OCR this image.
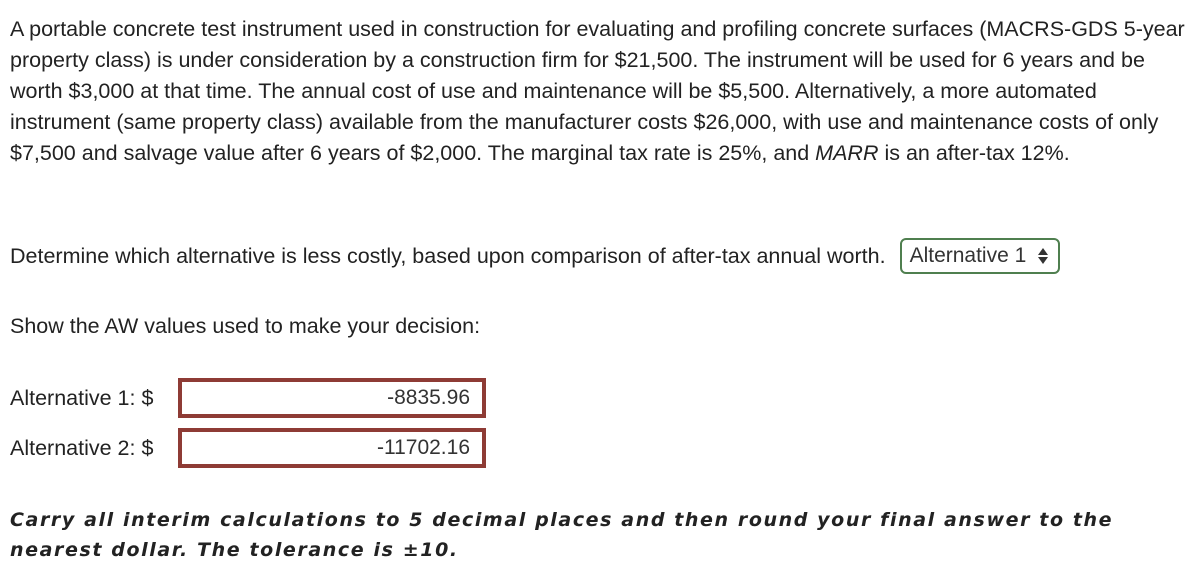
A portable concrete test instrument used in construction for evaluating and profiling concrete surfaces (MACRS-GDS 5-year property class) is under consideration by a construction firm for $21,500. The instrument will be used for 6 years and be worth $3,000 at that time. The annual cost of use and maintenance will be $5,500. Alternatively, a more automated instrument (same property class) available from the manufacturer costs $26,000, with use and maintenance costs of only $7,500 and salvage value after 6 years of $2,000. The marginal tax rate is 25%, and MARR is an after-tax 12%.

Determine which alternative is less costly, based upon comparison of after-tax annual worth. Alternative 1
Show the AW values used to make your decision:
Alternative 1: $	-8835.96
Alternative 2: $	-11702.16

Carry all interim calculations to 5 decimal places and then round your final answer to the nearest dollar. The tolerance is ±10.
